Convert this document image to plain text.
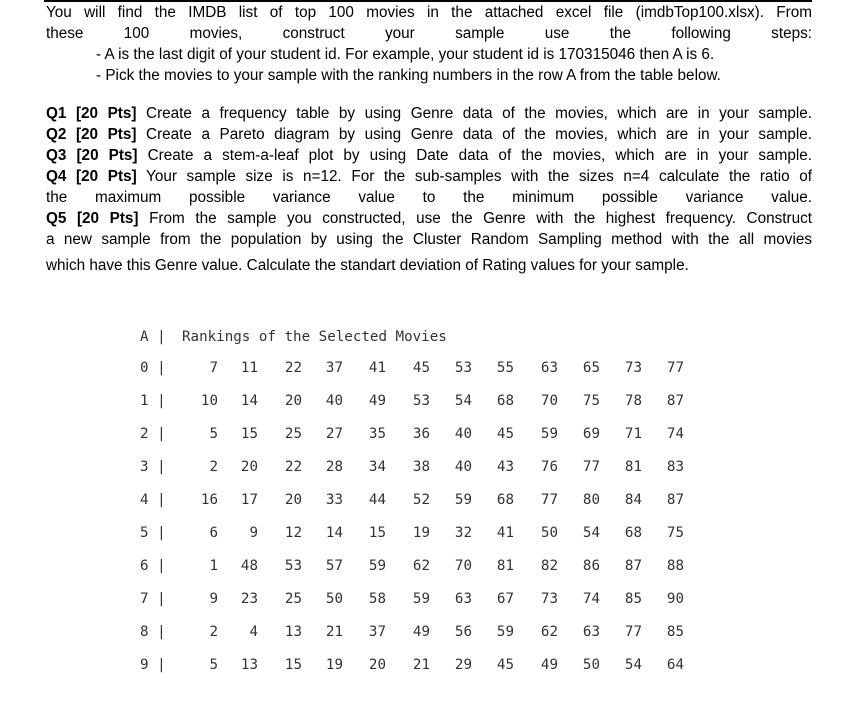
You will find the IMDB list of top 100 movies in the attached excel file (imdbTop100.xlsx). From
these 100 movies, construct your sample use the following steps:
- A is the last digit of your student id. For example, your student id is 170315046 then A is 6.
- Pick the movies to your sample with the ranking numbers in the row A from the table below.
Q1 [20 Pts] Create a frequency table by using Genre data of the movies, which are in your sample.
Q2 [20 Pts] Create a Pareto diagram by using Genre data of the movies, which are in your sample.
Q3 [20 Pts] Create a stem-a-leaf plot by using Date data of the movies, which are in your sample.
Q4 [20 Pts] Your sample size is n=12. For the sub-samples with the sizes n=4 calculate the ratio of
the maximum possible variance value to the minimum possible variance value.
Q5 [20 Pts] From the sample you constructed, use the Genre with the highest frequency. Construct
a new sample from the population by using the Cluster Random Sampling method with the all movies
which have this Genre value. Calculate the standart deviation of Rating values for your sample.
A | Rankings of the Selected Movies
0 |	7	11	22	37	41	45	53	55	63	65	73	77
1 |	10	14	20	40	49	53	54	68	70	75	78	87
2 |	5	15	25	27	35	36	40	45	59	69	71	74
3 |	2	20	22	28	34	38	40	43	76	77	81	83
4 |	16	17	20	33	44	52	59	68	77	80	84	87
5 |	6	9	12	14	15	19	32	41	50	54	68	75
6 |	1	48	53	57	59	62	70	81	82	86	87	88
7 |	9	23	25	50	58	59	63	67	73	74	85	90
8 |	2	4	13	21	37	49	56	59	62	63	77	85
9 |	5	13	15	19	20	21	29	45	49	50	54	64
